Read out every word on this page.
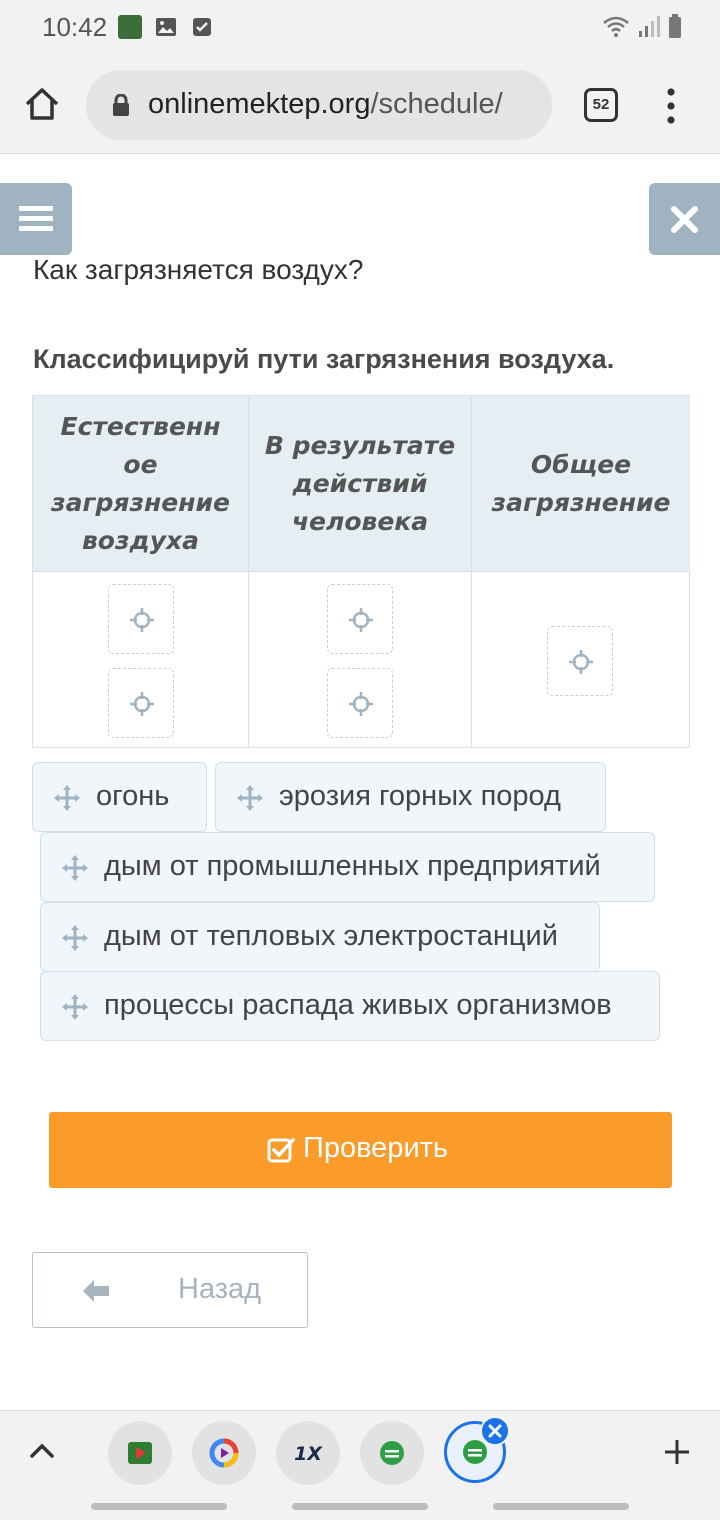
10:42
onlinemektep.org/schedule/	52
Как загрязняется воздух?
Классифицируй пути загрязнения воздуха.
Естественн ое загрязнение воздуха
В результате действий человека
Общее загрязнение
огонь	эрозия горных пород
дым от промышленных предприятий
дым от тепловых электростанций
процессы распада живых организмов
Проверить
Назад
1X
